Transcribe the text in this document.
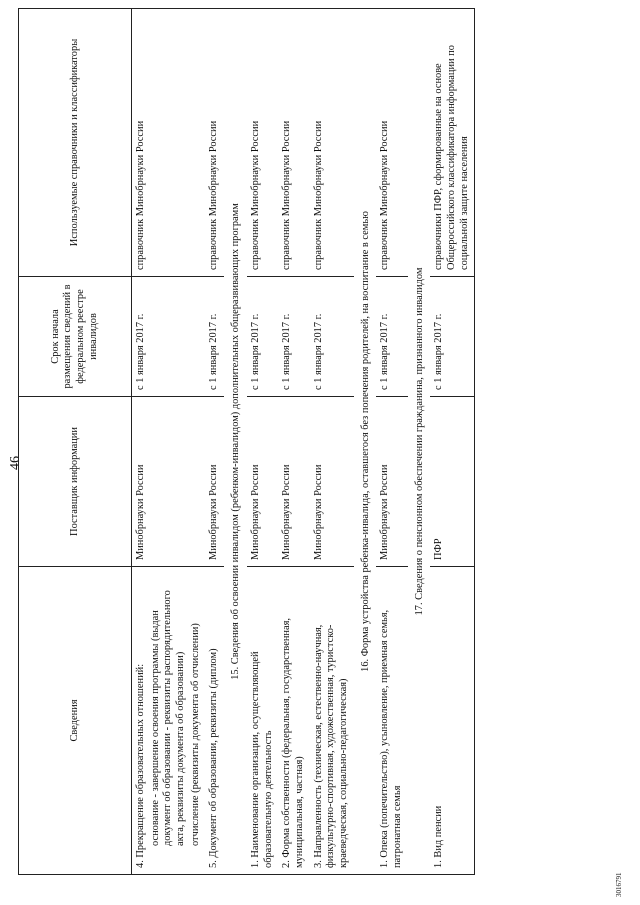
46
Сведения	Поставщик информации	Срок начала размещения сведений в федеральном реестре инвалидов	Используемые справочники и классификаторы

4. Прекращение образовательных отношений: основание - завершение освоения программы (выдан документ об образовании - реквизиты распорядительного акта, реквизиты документа об образовании) отчисление (реквизиты документа об отчислении)	Минобрнауки России	с 1 января 2017 г.	справочник Минобрнауки России
5. Документ об образовании, реквизиты (диплом)	Минобрнауки России	с 1 января 2017 г.	справочник Минобрнауки России
15. Сведения об освоении инвалидом (ребенком-инвалидом) дополнительных общеразвивающих программ			
1. Наименование организации, осуществляющей образовательную деятельность	Минобрнауки России	с 1 января 2017 г.	справочник Минобрнауки России
2. Форма собственности (федеральная, государственная, муниципальная, частная)	Минобрнауки России	с 1 января 2017 г.	справочник Минобрнауки России
3. Направленность (техническая, естественно-научная, физкультурно-спортивная, художественная, туристско-краеведческая, социально-педагогическая)	Минобрнауки России	с 1 января 2017 г.	справочник Минобрнауки России
16. Форма устройства ребенка-инвалида, оставшегося без попечения родителей, на воспитание в семью			
1. Опека (попечительство), усыновление, приемная семья, патронатная семья	Минобрнауки России	с 1 января 2017 г.	справочник Минобрнауки России
17. Сведения о пенсионном обеспечении гражданина, признанного инвалидом			
1. Вид пенсии	ПФР	с 1 января 2017 г.	справочники ПФР, сформированные на основе Общероссийского классификатора информации по социальной защите населения
3016791
